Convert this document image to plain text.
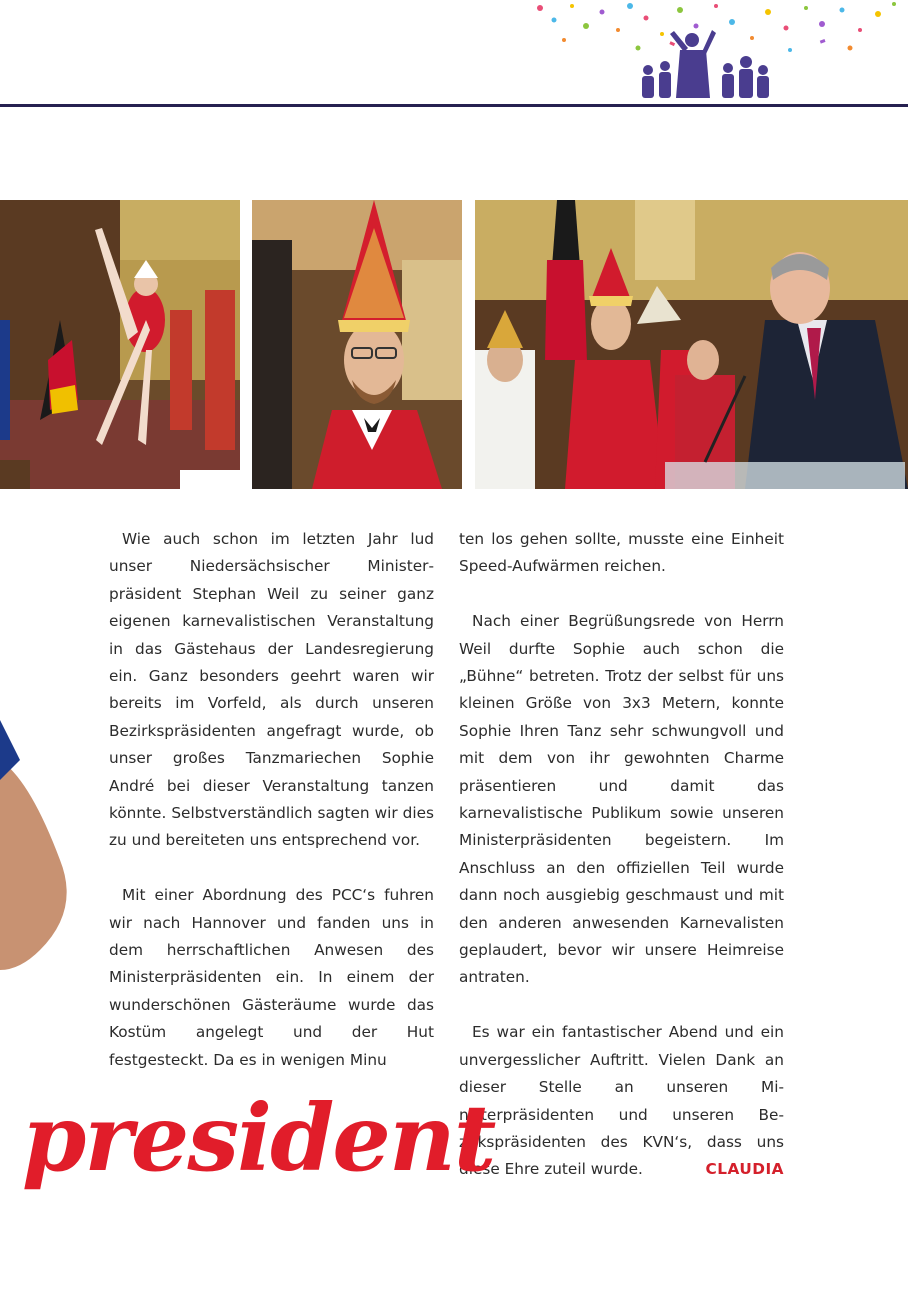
Wie auch schon im letzten Jahr lud unser Niedersächsischer Ministerpräsident Stephan Weil zu seiner ganz eigenen karnevalistischen Veranstaltung in das Gästehaus der Landesregierung ein. Ganz besonders geehrt waren wir bereits im Vorfeld, als durch unseren Bezirkspräsidenten angefragt wurde, ob unser großes Tanzmariechen Sophie André bei dieser Veranstaltung tanzen könnte. Selbstverständlich sagten wir dies zu und bereiteten uns entsprechend vor.

Mit einer Abordnung des PCC‘s fuhren wir nach Hannover und fanden uns in dem herrschaftlichen Anwesen des Ministerpräsidenten ein. In einem der wunderschönen Gästeräume wurde das Kostüm angelegt und der Hut festgesteckt. Da es in wenigen Minu

ten los gehen sollte, musste eine Einheit Speed-Aufwärmen reichen.

Nach einer Begrüßungsrede von Herrn Weil durfte Sophie auch schon die „Bühne“ betreten. Trotz der selbst für uns kleinen Größe von 3x3 Metern, konnte Sophie Ihren Tanz sehr schwungvoll und mit dem von ihr gewohnten Charme präsentieren und damit das karnevalistische Publikum sowie unseren Ministerpräsidenten begeistern. Im Anschluss an den offiziellen Teil wurde dann noch ausgiebig geschmaust und mit den anderen anwesenden Karnevalisten geplaudert, bevor wir unsere Heimreise antraten.

Es war ein fantastischer Abend und ein unvergesslicher Auftritt. Vielen Dank an dieser Stelle an unseren Ministerpräsidenten und unseren Bezirkspräsidenten des KVN‘s, dass uns diese Ehre zuteil wurde.	CLAUDIA

president
